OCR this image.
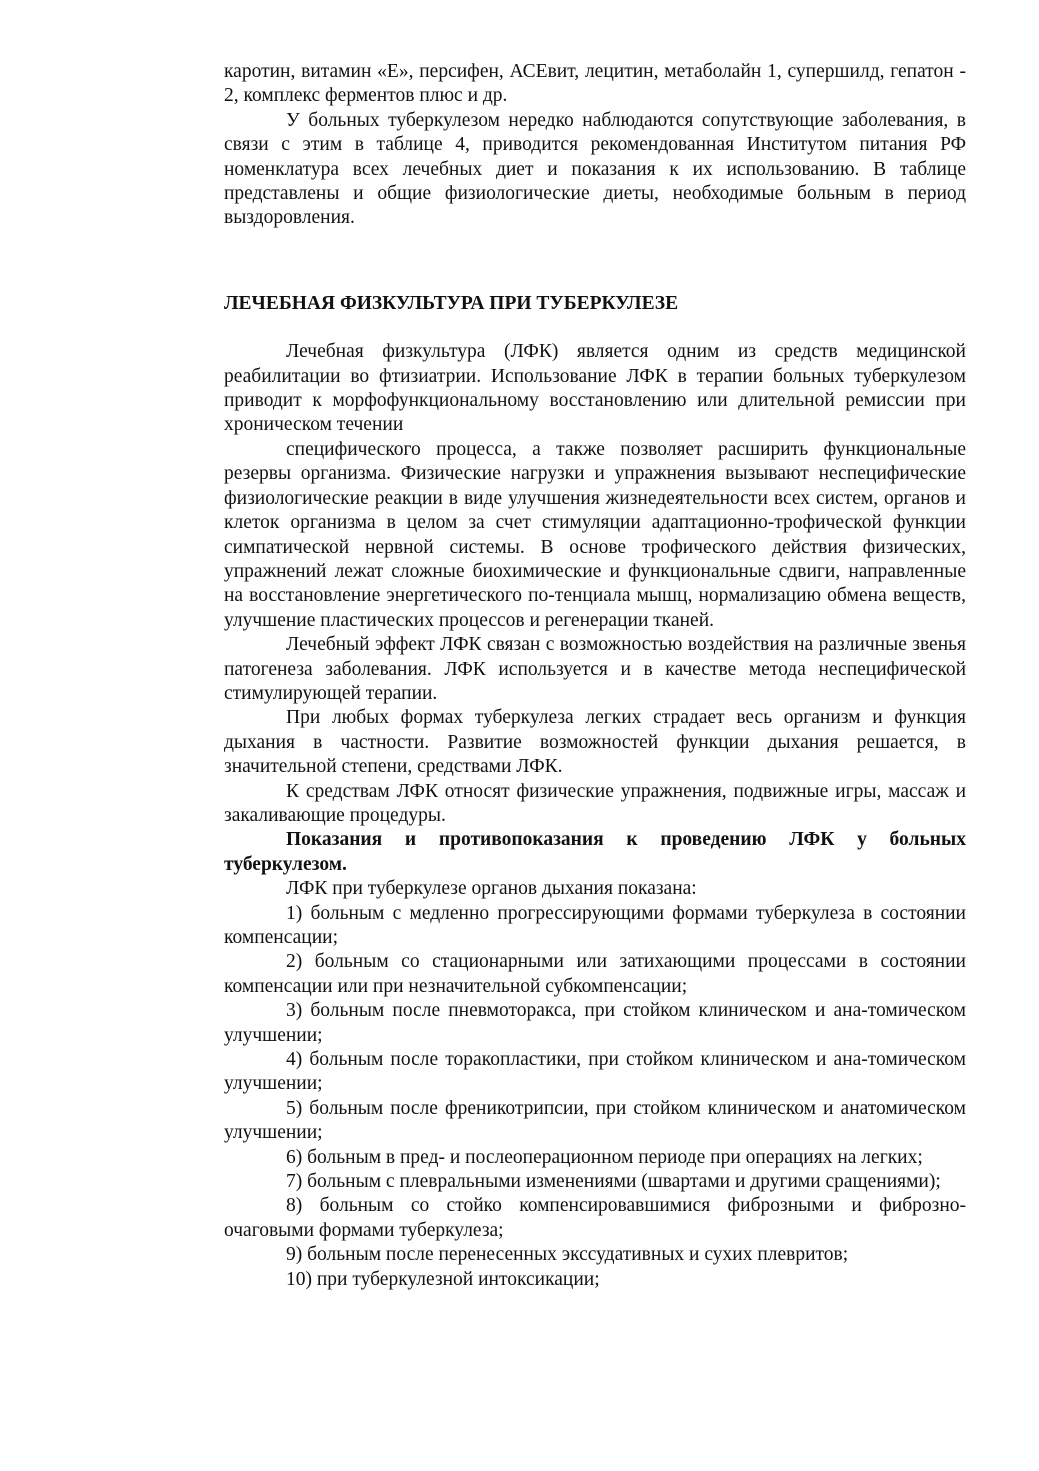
каротин, витамин «Е», персифен, АСЕвит, лецитин, метаболайн 1, супершилд, гепатон - 2, комплекс ферментов плюс и др.

У больных туберкулезом нередко наблюдаются сопутствующие заболевания, в связи с этим в таблице 4, приводится рекомендованная Институтом питания РФ номенклатура всех лечебных диет и показания к их использованию. В таблице представлены и общие физиологические диеты, необходимые больным в период выздоровления.

ЛЕЧЕБНАЯ ФИЗКУЛЬТУРА ПРИ ТУБЕРКУЛЕЗЕ

Лечебная физкультура (ЛФК) является одним из средств медицинской реабилитации во фтизиатрии. Использование ЛФК в терапии больных туберкулезом приводит к морфофункциональному восстановлению или длительной ремиссии при хроническом течении

специфического процесса, а также позволяет расширить функциональные резервы организма. Физические нагрузки и упражнения вызывают неспецифические физиологические реакции в виде улучшения жизнедеятельности всех систем, органов и клеток организма в целом за счет стимуляции адаптационно-трофической функции симпатической нервной системы. В основе трофического действия физических, упражнений лежат сложные биохимические и функциональные сдвиги, направленные на восстановление энергетического по-тенциала мышц, нормализацию обмена веществ, улучшение пластических процессов и регенерации тканей.

Лечебный эффект ЛФК связан с возможностью воздействия на различные звенья патогенеза заболевания. ЛФК используется и в качестве метода неспецифической стимулирующей терапии.

При любых формах туберкулеза легких страдает весь организм и функция дыхания в частности. Развитие возможностей функции дыхания решается, в значительной степени, средствами ЛФК.

К средствам ЛФК относят физические упражнения, подвижные игры, массаж и закаливающие процедуры.

Показания и противопоказания к проведению ЛФК у больных туберкулезом.

ЛФК при туберкулезе органов дыхания показана:

1) больным с медленно прогрессирующими формами туберкулеза в состоянии компенсации;

2) больным со стационарными или затихающими процессами в состоянии компенсации или при незначительной субкомпенсации;

3) больным после пневмоторакса, при стойком клиническом и ана-томическом улучшении;

4) больным после торакопластики, при стойком клиническом и ана-томическом улучшении;

5) больным после френикотрипсии, при стойком клиническом и анатомическом улучшении;

6) больным в пред- и послеоперационном периоде при операциях на легких;

7) больным с плевральными изменениями (швартами и другими сращениями);

8) больным со стойко компенсировавшимися фиброзными и фиброзно-очаговыми формами туберкулеза;

9) больным после перенесенных экссудативных и сухих плевритов;

10) при туберкулезной интоксикации;
